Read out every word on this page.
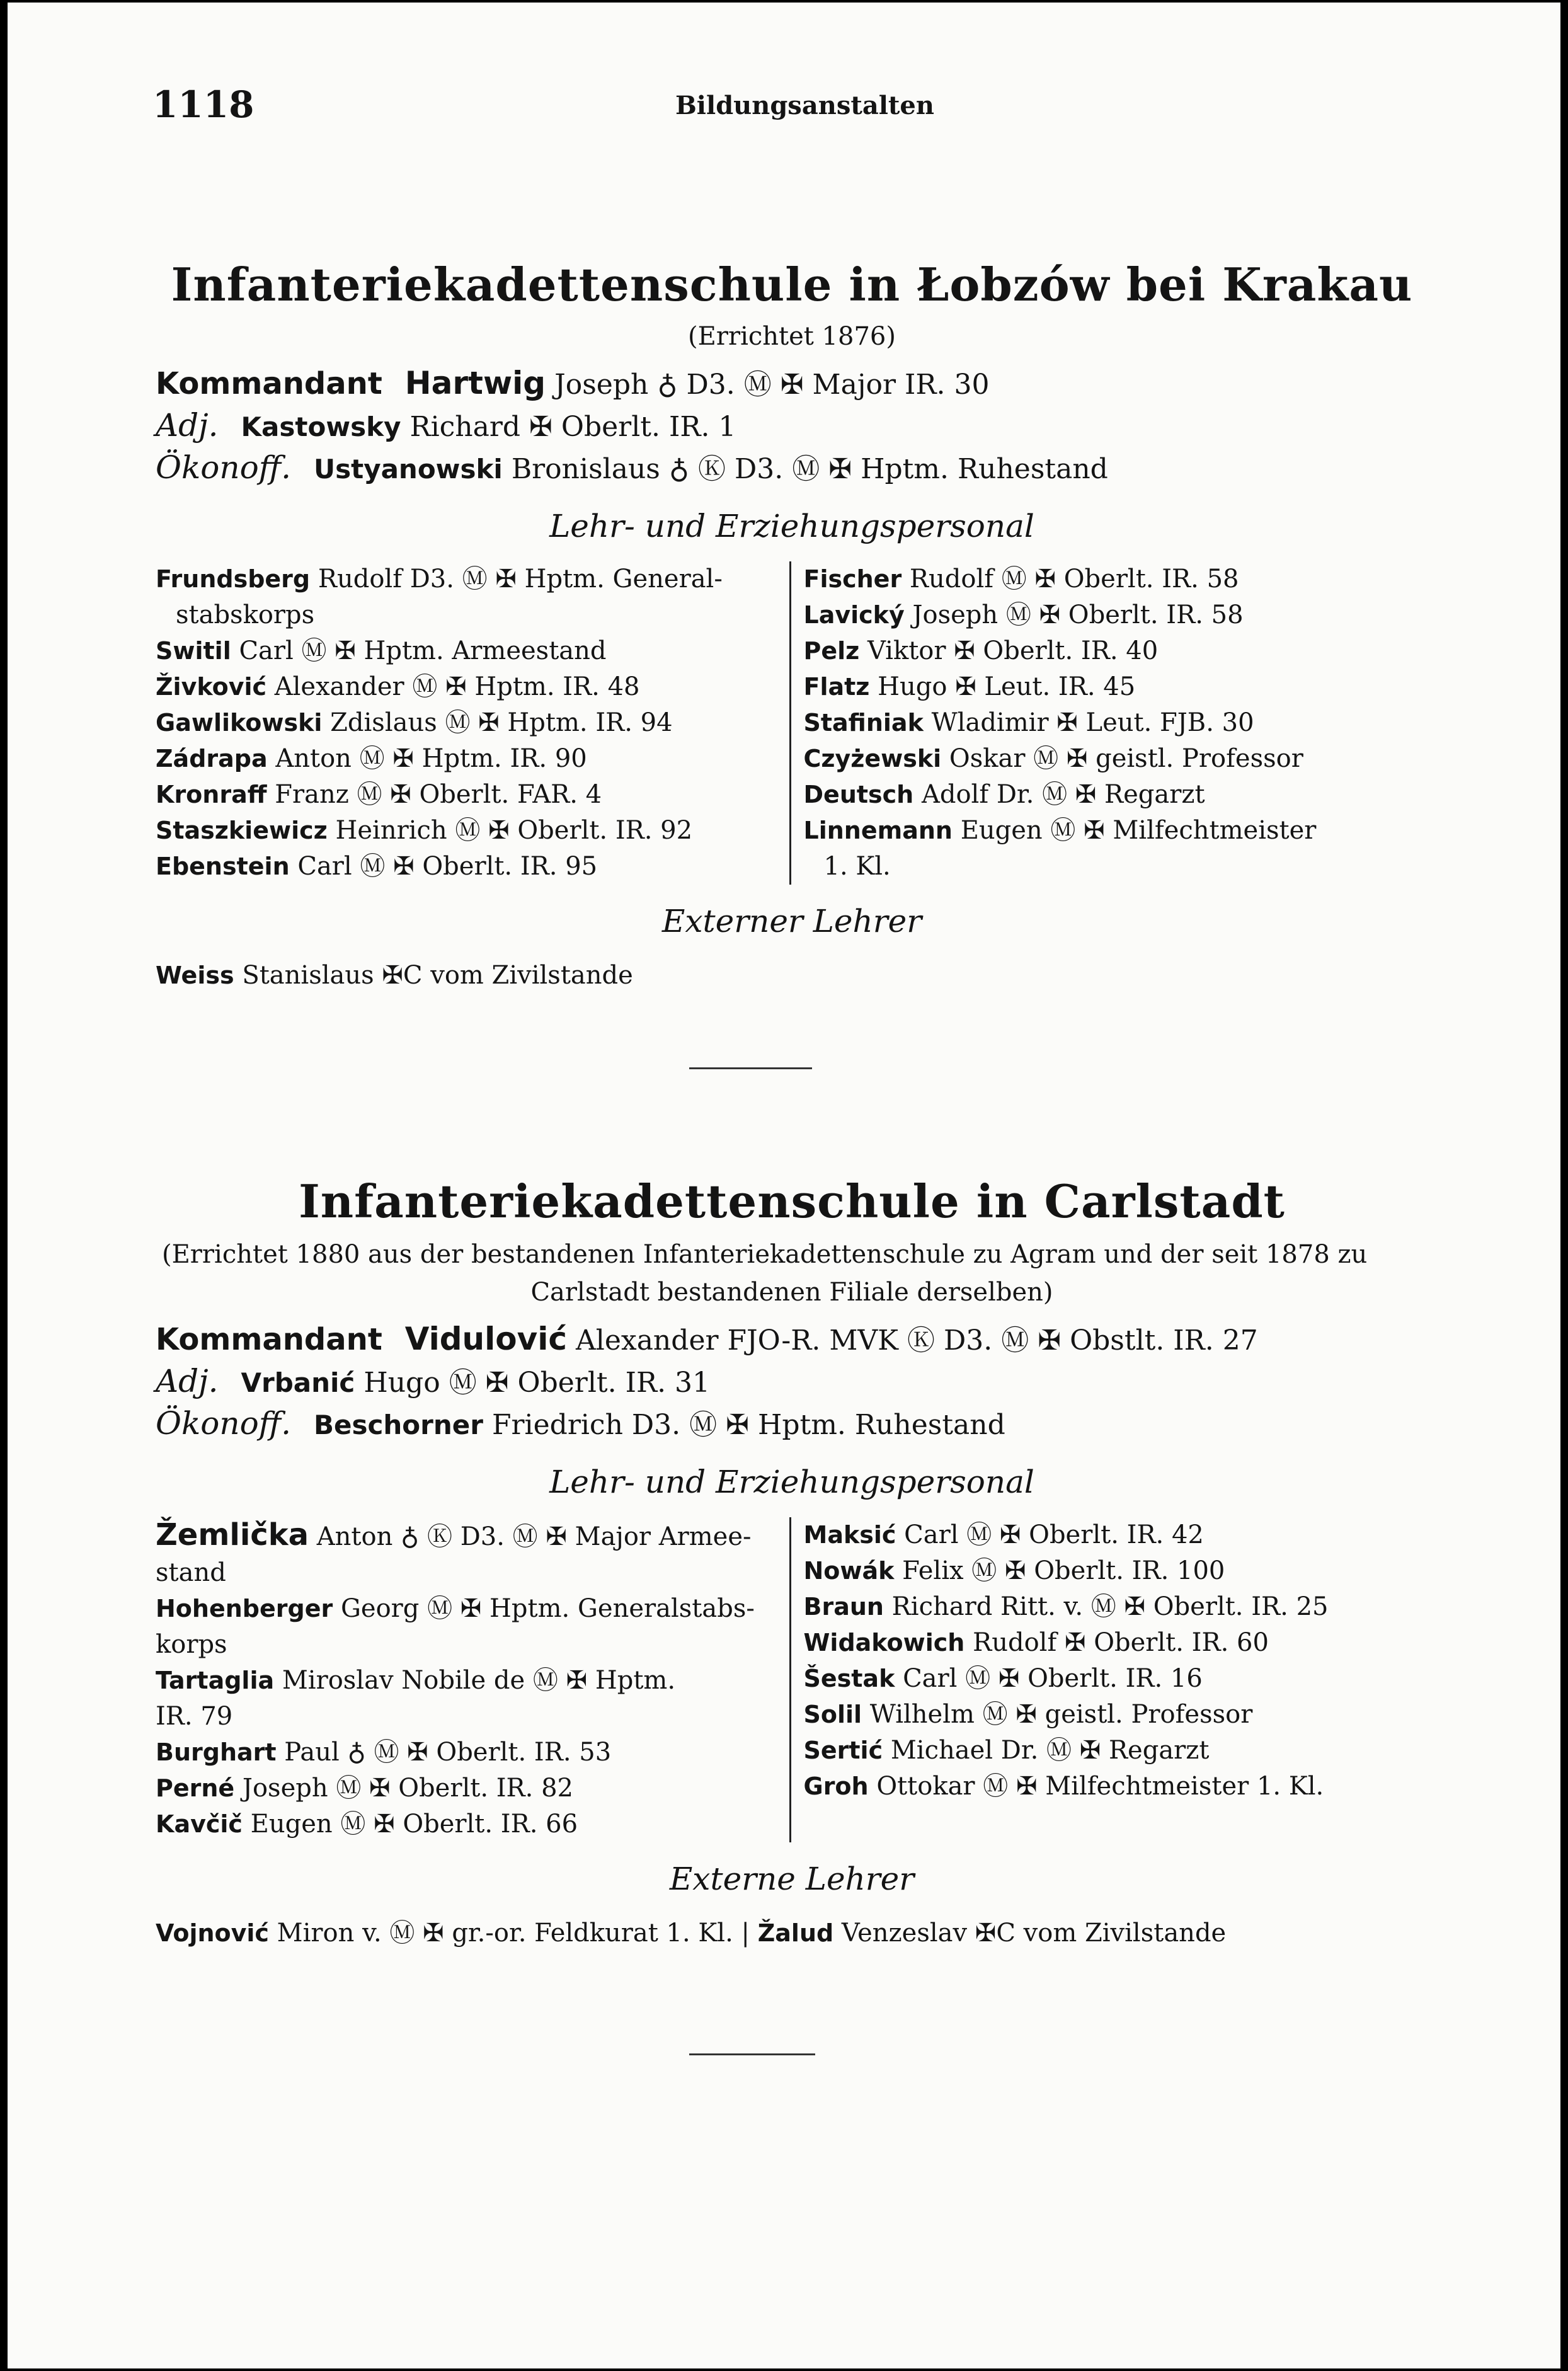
1118	Bildungsanstalten
Infanteriekadettenschule in Łobzów bei Krakau
(Errichtet 1876)

Kommandant Hartwig Joseph ♁ D3. Ⓜ ✠ Major IR. 30

Adj. Kastowsky Richard ✠ Oberlt. IR. 1

Ökonoff. Ustyanowski Bronislaus ♁ Ⓚ D3. Ⓜ ✠ Hptm. Ruhestand

Lehr- und Erziehungspersonal

Frundsberg Rudolf D3. Ⓜ ✠ Hptm. General-

stabskorps

Switil Carl Ⓜ ✠ Hptm. Armeestand

Živković Alexander Ⓜ ✠ Hptm. IR. 48

Gawlikowski Zdislaus Ⓜ ✠ Hptm. IR. 94

Zádrapa Anton Ⓜ ✠ Hptm. IR. 90

Kronraff Franz Ⓜ ✠ Oberlt. FAR. 4

Staszkiewicz Heinrich Ⓜ ✠ Oberlt. IR. 92

Ebenstein Carl Ⓜ ✠ Oberlt. IR. 95

Fischer Rudolf Ⓜ ✠ Oberlt. IR. 58

Lavický Joseph Ⓜ ✠ Oberlt. IR. 58

Pelz Viktor ✠ Oberlt. IR. 40

Flatz Hugo ✠ Leut. IR. 45

Stafiniak Wladimir ✠ Leut. FJB. 30

Czyżewski Oskar Ⓜ ✠ geistl. Professor

Deutsch Adolf Dr. Ⓜ ✠ Regarzt

Linnemann Eugen Ⓜ ✠ Milfechtmeister

1. Kl.

Externer Lehrer
Weiss Stanislaus ✠C vom Zivilstande
Infanteriekadettenschule in Carlstadt
(Errichtet 1880 aus der bestandenen Infanteriekadettenschule zu Agram und der seit 1878 zu
Carlstadt bestandenen Filiale derselben)

Kommandant Vidulović Alexander FJO-R. MVK Ⓚ D3. Ⓜ ✠ Obstlt. IR. 27

Adj. Vrbanić Hugo Ⓜ ✠ Oberlt. IR. 31

Ökonoff. Beschorner Friedrich D3. Ⓜ ✠ Hptm. Ruhestand

Lehr- und Erziehungspersonal

Žemlička Anton ♁ Ⓚ D3. Ⓜ ✠ Major Armee-

stand

Hohenberger Georg Ⓜ ✠ Hptm. Generalstabs-

korps

Tartaglia Miroslav Nobile de Ⓜ ✠ Hptm.

IR. 79

Burghart Paul ♁ Ⓜ ✠ Oberlt. IR. 53

Perné Joseph Ⓜ ✠ Oberlt. IR. 82

Kavčič Eugen Ⓜ ✠ Oberlt. IR. 66

Maksić Carl Ⓜ ✠ Oberlt. IR. 42

Nowák Felix Ⓜ ✠ Oberlt. IR. 100

Braun Richard Ritt. v. Ⓜ ✠ Oberlt. IR. 25

Widakowich Rudolf ✠ Oberlt. IR. 60

Šestak Carl Ⓜ ✠ Oberlt. IR. 16

Solil Wilhelm Ⓜ ✠ geistl. Professor

Sertić Michael Dr. Ⓜ ✠ Regarzt

Groh Ottokar Ⓜ ✠ Milfechtmeister 1. Kl.

Externe Lehrer
Vojnović Miron v. Ⓜ ✠ gr.-or. Feldkurat 1. Kl. | Žalud Venzeslav ✠C vom Zivilstande
